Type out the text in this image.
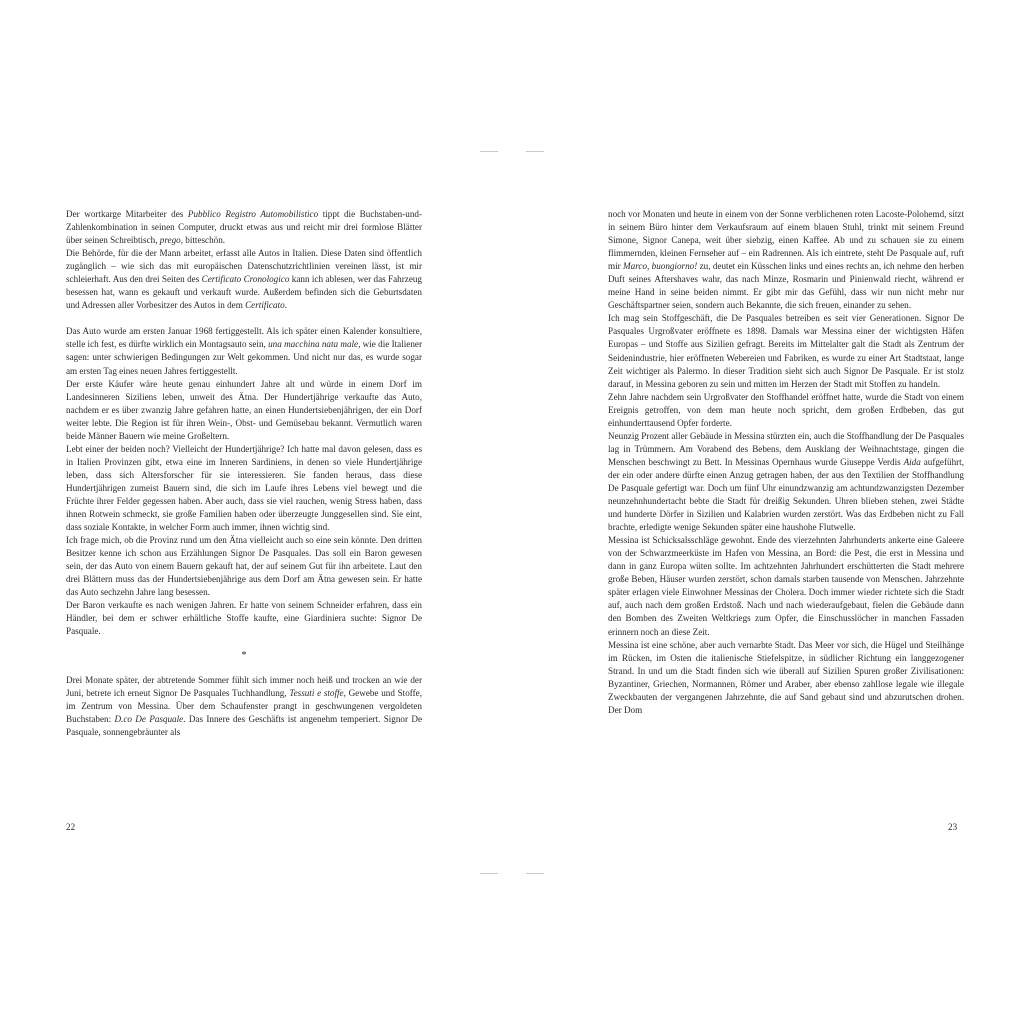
Der wortkarge Mitarbeiter des Pubblico Registro Automobilistico tippt die Buchstaben-und-Zahlenkombination in seinen Computer, druckt etwas aus und reicht mir drei formlose Blätter über seinen Schreibtisch, prego, bitteschön.

Die Behörde, für die der Mann arbeitet, erfasst alle Autos in Italien. Diese Daten sind öffentlich zugänglich – wie sich das mit europäischen Datenschutzrichtlinien vereinen lässt, ist mir schleierhaft. Aus den drei Seiten des Certificato Cronologico kann ich ablesen, wer das Fahrzeug besessen hat, wann es gekauft und verkauft wurde. Außerdem befinden sich die Geburtsdaten und Adressen aller Vorbesitzer des Autos in dem Certificato.

Das Auto wurde am ersten Januar 1968 fertiggestellt. Als ich später einen Kalender konsultiere, stelle ich fest, es dürfte wirklich ein Montagsauto sein, una macchina nata male, wie die Italiener sagen: unter schwierigen Bedingungen zur Welt gekommen. Und nicht nur das, es wurde sogar am ersten Tag eines neuen Jahres fertiggestellt.

Der erste Käufer wäre heute genau einhundert Jahre alt und würde in einem Dorf im Landesinneren Siziliens leben, unweit des Ätna. Der Hundertjährige verkaufte das Auto, nachdem er es über zwanzig Jahre gefahren hatte, an einen Hundertsiebenjährigen, der ein Dorf weiter lebte. Die Region ist für ihren Wein-, Obst- und Gemüsebau bekannt. Vermutlich waren beide Männer Bauern wie meine Großeltern.

Lebt einer der beiden noch? Vielleicht der Hundertjährige? Ich hatte mal davon gelesen, dass es in Italien Provinzen gibt, etwa eine im Inneren Sardiniens, in denen so viele Hundertjährige leben, dass sich Altersforscher für sie interessieren. Sie fanden heraus, dass diese Hundertjährigen zumeist Bauern sind, die sich im Laufe ihres Lebens viel bewegt und die Früchte ihrer Felder gegessen haben. Aber auch, dass sie viel rauchen, wenig Stress haben, dass ihnen Rotwein schmeckt, sie große Familien haben oder überzeugte Junggesellen sind. Sie eint, dass soziale Kontakte, in welcher Form auch immer, ihnen wichtig sind.

Ich frage mich, ob die Provinz rund um den Ätna vielleicht auch so eine sein könnte. Den dritten Besitzer kenne ich schon aus Erzählungen Signor De Pasquales. Das soll ein Baron gewesen sein, der das Auto von einem Bauern gekauft hat, der auf seinem Gut für ihn arbeitete. Laut den drei Blättern muss das der Hundertsiebenjährige aus dem Dorf am Ätna gewesen sein. Er hatte das Auto sechzehn Jahre lang besessen.

Der Baron verkaufte es nach wenigen Jahren. Er hatte von seinem Schneider erfahren, dass ein Händler, bei dem er schwer erhältliche Stoffe kaufte, eine Giardiniera suchte: Signor De Pasquale.

*

Drei Monate später, der abtretende Sommer fühlt sich immer noch heiß und trocken an wie der Juni, betrete ich erneut Signor De Pasquales Tuchhandlung, Tessuti e stoffe, Gewebe und Stoffe, im Zentrum von Messina. Über dem Schaufenster prangt in geschwungenen vergoldeten Buchstaben: D.co De Pasquale. Das Innere des Geschäfts ist angenehm temperiert. Signor De Pasquale, sonnengebräunter als

22

noch vor Monaten und heute in einem von der Sonne verblichenen roten Lacoste-Polohemd, sitzt in seinem Büro hinter dem Verkaufsraum auf einem blauen Stuhl, trinkt mit seinem Freund Simone, Signor Canepa, weit über siebzig, einen Kaffee. Ab und zu schauen sie zu einem flimmernden, kleinen Fernseher auf – ein Radrennen. Als ich eintrete, steht De Pasquale auf, ruft mir Marco, buongiorno! zu, deutet ein Küsschen links und eines rechts an, ich nehme den herben Duft seines Aftershaves wahr, das nach Minze, Rosmarin und Pinienwald riecht, während er meine Hand in seine beiden nimmt. Er gibt mir das Gefühl, dass wir nun nicht mehr nur Geschäftspartner seien, sondern auch Bekannte, die sich freuen, einander zu sehen.

Ich mag sein Stoffgeschäft, die De Pasquales betreiben es seit vier Generationen. Signor De Pasquales Urgroßvater eröffnete es 1898. Damals war Messina einer der wichtigsten Häfen Europas – und Stoffe aus Sizilien gefragt. Bereits im Mittelalter galt die Stadt als Zentrum der Seidenindustrie, hier eröffneten Webereien und Fabriken, es wurde zu einer Art Stadtstaat, lange Zeit wichtiger als Palermo. In dieser Tradition sieht sich auch Signor De Pasquale. Er ist stolz darauf, in Messina geboren zu sein und mitten im Herzen der Stadt mit Stoffen zu handeln.

Zehn Jahre nachdem sein Urgroßvater den Stoffhandel eröffnet hatte, wurde die Stadt von einem Ereignis getroffen, von dem man heute noch spricht, dem großen Erdbeben, das gut einhunderttausend Opfer forderte.

Neunzig Prozent aller Gebäude in Messina stürzten ein, auch die Stoffhandlung der De Pasquales lag in Trümmern. Am Vorabend des Bebens, dem Ausklang der Weihnachtstage, gingen die Menschen beschwingt zu Bett. In Messinas Opernhaus wurde Giuseppe Verdis Aida aufgeführt, der ein oder andere dürfte einen Anzug getragen haben, der aus den Textilien der Stoffhandlung De Pasquale gefertigt war. Doch um fünf Uhr einundzwanzig am achtundzwanzigsten Dezember neunzehnhundertacht bebte die Stadt für dreißig Sekunden. Uhren blieben stehen, zwei Städte und hunderte Dörfer in Sizilien und Kalabrien wurden zerstört. Was das Erdbeben nicht zu Fall brachte, erledigte wenige Sekunden später eine haushohe Flutwelle.

Messina ist Schicksalsschläge gewohnt. Ende des vierzehnten Jahrhunderts ankerte eine Galeere von der Schwarzmeerküste im Hafen von Messina, an Bord: die Pest, die erst in Messina und dann in ganz Europa wüten sollte. Im achtzehnten Jahrhundert erschütterten die Stadt mehrere große Beben, Häuser wurden zerstört, schon damals starben tausende von Menschen. Jahrzehnte später erlagen viele Einwohner Messinas der Cholera. Doch immer wieder richtete sich die Stadt auf, auch nach dem großen Erdstoß. Nach und nach wiederaufgebaut, fielen die Gebäude dann den Bomben des Zweiten Weltkriegs zum Opfer, die Einschusslöcher in manchen Fassaden erinnern noch an diese Zeit.

Messina ist eine schöne, aber auch vernarbte Stadt. Das Meer vor sich, die Hügel und Steilhänge im Rücken, im Osten die italienische Stiefelspitze, in südlicher Richtung ein langgezogener Strand. In und um die Stadt finden sich wie überall auf Sizilien Spuren großer Zivilisationen: Byzantiner, Griechen, Normannen, Römer und Araber, aber ebenso zahllose legale wie illegale Zweckbauten der vergangenen Jahrzehnte, die auf Sand gebaut sind und abzurutschen drohen. Der Dom

23
